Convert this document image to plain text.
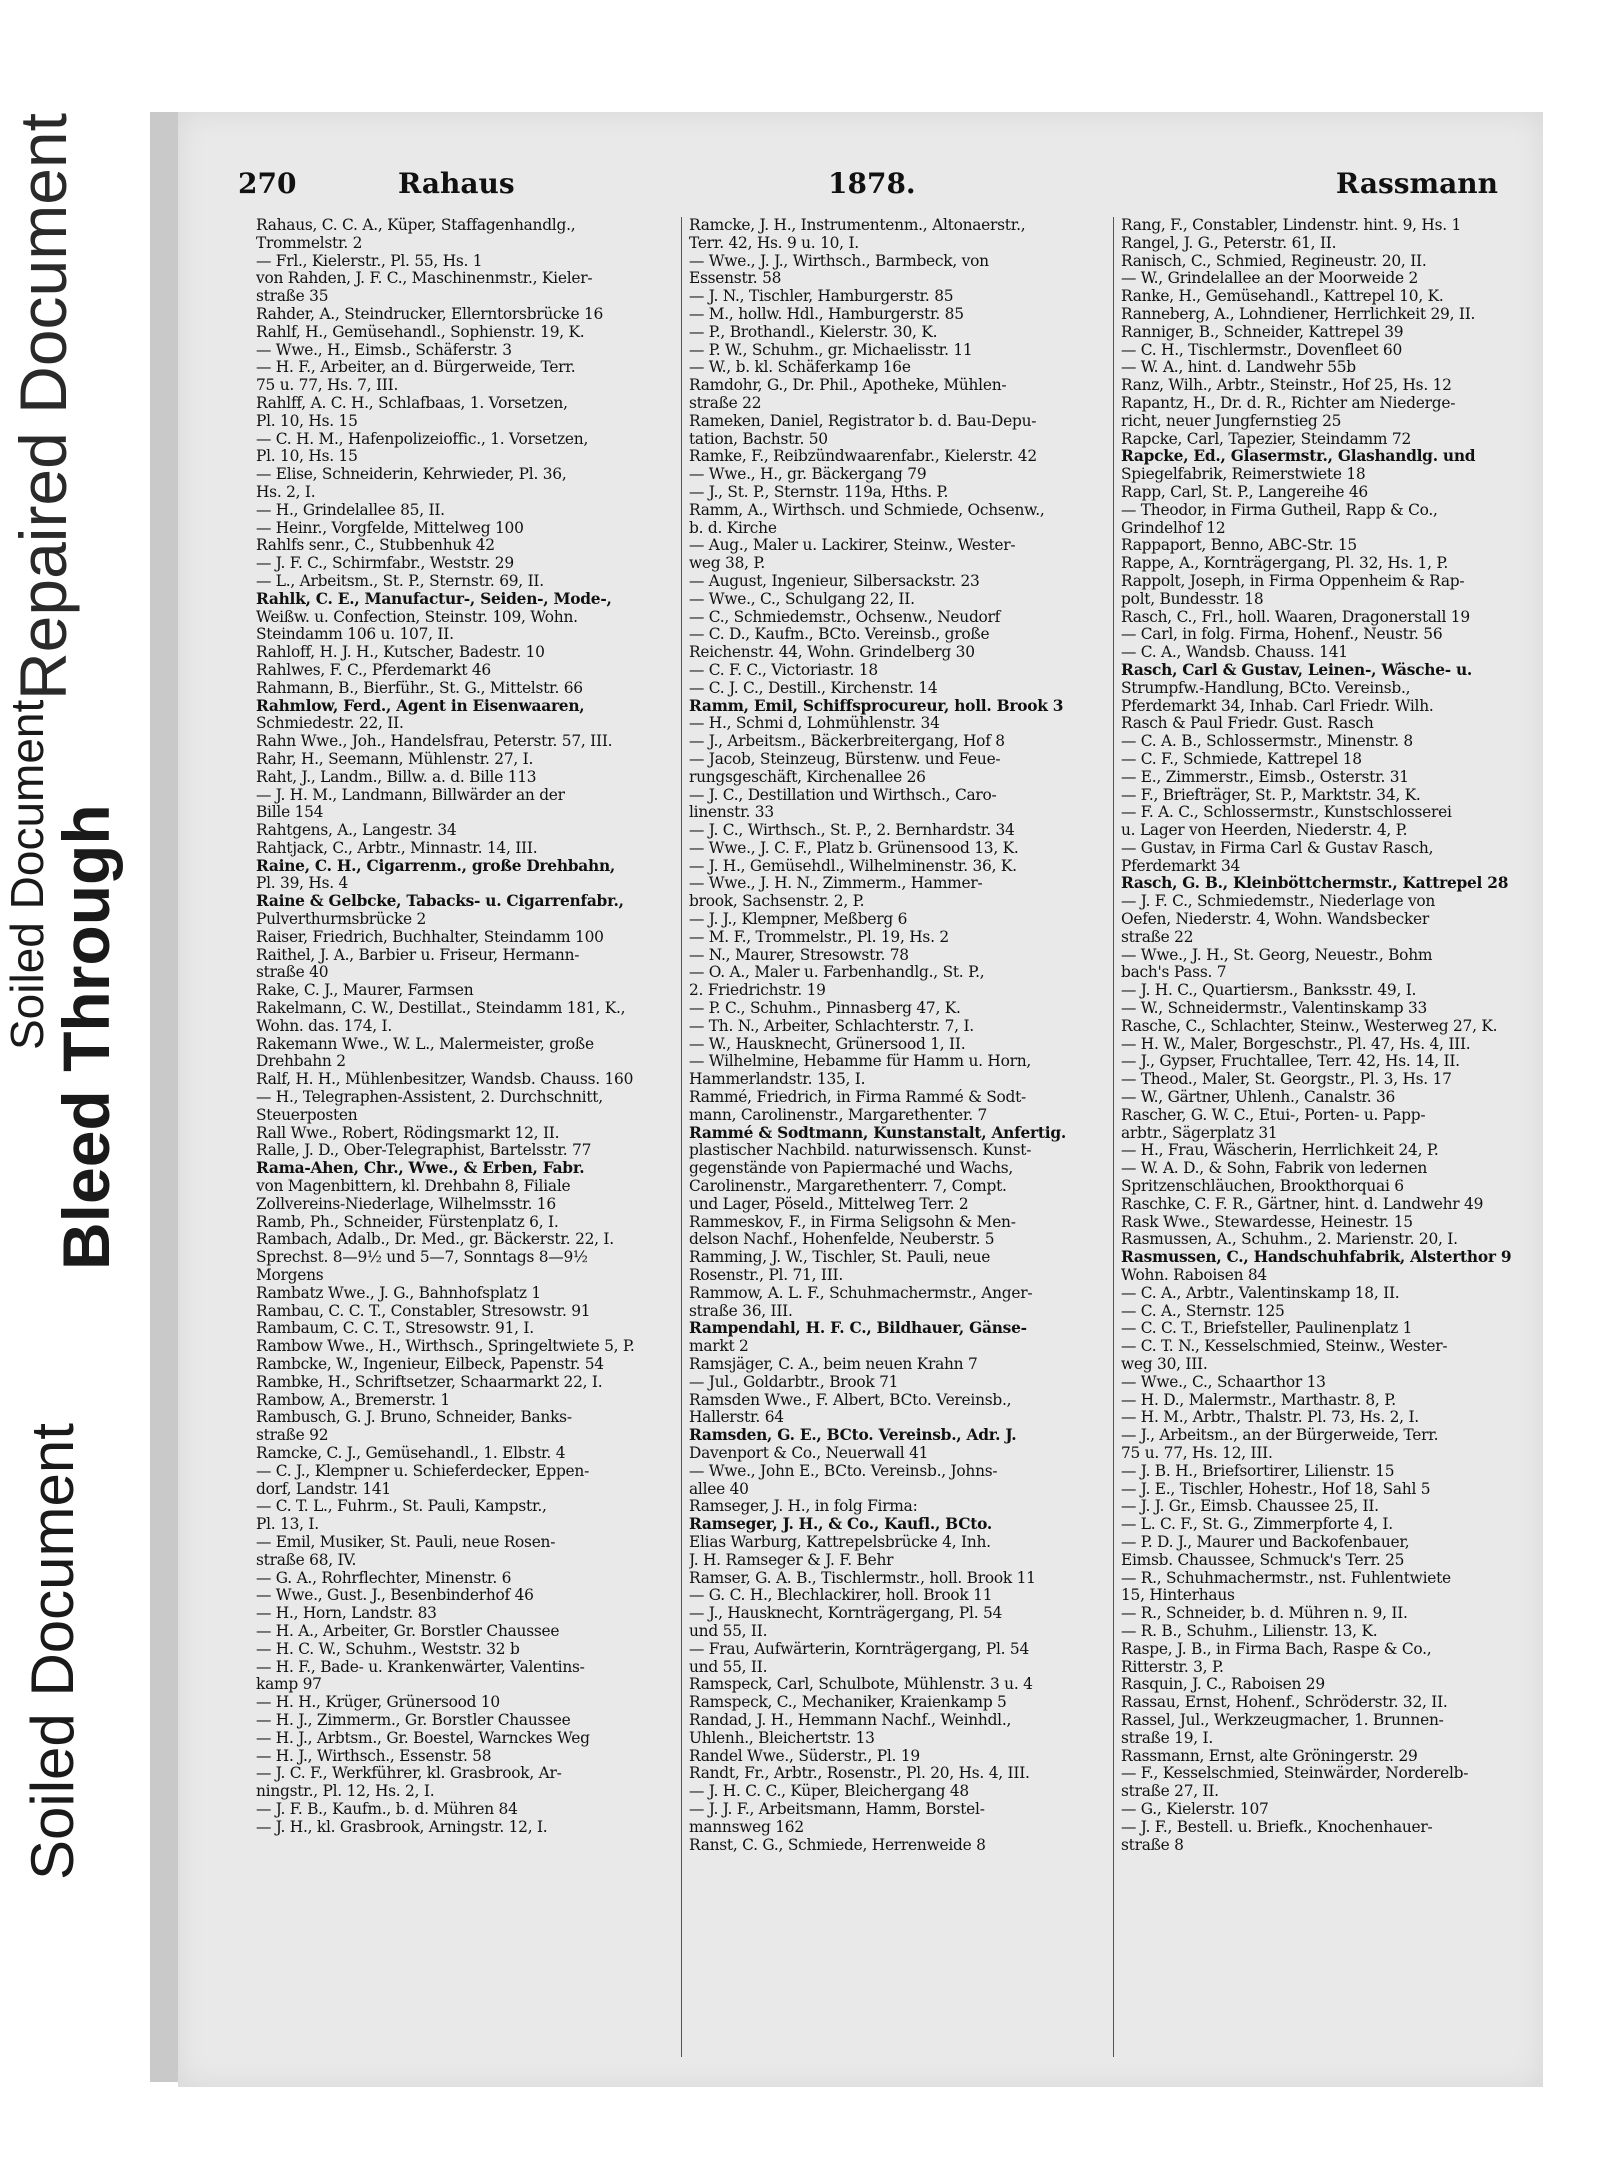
Soiled Document
Bleed Through
Soiled Document
Repaired Document	270	Rahaus	1878.	Rassmann
Rahaus, C. C. A., Küper, Staffagenhandlg.,
Trommelstr. 2
— Frl., Kielerstr., Pl. 55, Hs. 1
von Rahden, J. F. C., Maschinenmstr., Kieler-
straße 35
Rahder, A., Steindrucker, Ellerntorsbrücke 16
Rahlf, H., Gemüsehandl., Sophienstr. 19, K.
— Wwe., H., Eimsb., Schäferstr. 3
— H. F., Arbeiter, an d. Bürgerweide, Terr.
75 u. 77, Hs. 7, III.
Rahlff, A. C. H., Schlafbaas, 1. Vorsetzen,
Pl. 10, Hs. 15
— C. H. M., Hafenpolizeioffic., 1. Vorsetzen,
Pl. 10, Hs. 15
— Elise, Schneiderin, Kehrwieder, Pl. 36,
Hs. 2, I.
— H., Grindelallee 85, II.
— Heinr., Vorgfelde, Mittelweg 100
Rahlfs senr., C., Stubbenhuk 42
— J. F. C., Schirmfabr., Weststr. 29
— L., Arbeitsm., St. P., Sternstr. 69, II.
Rahlk, C. E., Manufactur-, Seiden-, Mode-,
Weißw. u. Confection, Steinstr. 109, Wohn.
Steindamm 106 u. 107, II.
Rahloff, H. J. H., Kutscher, Badestr. 10
Rahlwes, F. C., Pferdemarkt 46
Rahmann, B., Bierführ., St. G., Mittelstr. 66
Rahmlow, Ferd., Agent in Eisenwaaren,
Schmiedestr. 22, II.
Rahn Wwe., Joh., Handelsfrau, Peterstr. 57, III.
Rahr, H., Seemann, Mühlenstr. 27, I.
Raht, J., Landm., Billw. a. d. Bille 113
— J. H. M., Landmann, Billwärder an der
Bille 154
Rahtgens, A., Langestr. 34
Rahtjack, C., Arbtr., Minnastr. 14, III.
Raine, C. H., Cigarrenm., große Drehbahn,
Pl. 39, Hs. 4
Raine & Gelbcke, Tabacks- u. Cigarrenfabr.,
Pulverthurmsbrücke 2
Raiser, Friedrich, Buchhalter, Steindamm 100
Raithel, J. A., Barbier u. Friseur, Hermann-
straße 40
Rake, C. J., Maurer, Farmsen
Rakelmann, C. W., Destillat., Steindamm 181, K.,
Wohn. das. 174, I.
Rakemann Wwe., W. L., Malermeister, große
Drehbahn 2
Ralf, H. H., Mühlenbesitzer, Wandsb. Chauss. 160
— H., Telegraphen-Assistent, 2. Durchschnitt,
Steuerposten
Rall Wwe., Robert, Rödingsmarkt 12, II.
Ralle, J. D., Ober-Telegraphist, Bartelsstr. 77
Rama-Ahen, Chr., Wwe., & Erben, Fabr.
von Magenbittern, kl. Drehbahn 8, Filiale
Zollvereins-Niederlage, Wilhelmsstr. 16
Ramb, Ph., Schneider, Fürstenplatz 6, I.
Rambach, Adalb., Dr. Med., gr. Bäckerstr. 22, I.
Sprechst. 8—9½ und 5—7, Sonntags 8—9½
Morgens
Rambatz Wwe., J. G., Bahnhofsplatz 1
Rambau, C. C. T., Constabler, Stresowstr. 91
Rambaum, C. C. T., Stresowstr. 91, I.
Rambow Wwe., H., Wirthsch., Springeltwiete 5, P.
Rambcke, W., Ingenieur, Eilbeck, Papenstr. 54
Rambke, H., Schriftsetzer, Schaarmarkt 22, I.
Rambow, A., Bremerstr. 1
Rambusch, G. J. Bruno, Schneider, Banks-
straße 92
Ramcke, C. J., Gemüsehandl., 1. Elbstr. 4
— C. J., Klempner u. Schieferdecker, Eppen-
dorf, Landstr. 141
— C. T. L., Fuhrm., St. Pauli, Kampstr.,
Pl. 13, I.
— Emil, Musiker, St. Pauli, neue Rosen-
straße 68, IV.
— G. A., Rohrflechter, Minenstr. 6
— Wwe., Gust. J., Besenbinderhof 46
— H., Horn, Landstr. 83
— H. A., Arbeiter, Gr. Borstler Chaussee
— H. C. W., Schuhm., Weststr. 32 b
— H. F., Bade- u. Krankenwärter, Valentins-
kamp 97
— H. H., Krüger, Grünersood 10
— H. J., Zimmerm., Gr. Borstler Chaussee
— H. J., Arbtsm., Gr. Boestel, Warnckes Weg
— H. J., Wirthsch., Essenstr. 58
— J. C. F., Werkführer, kl. Grasbrook, Ar-
ningstr., Pl. 12, Hs. 2, I.
— J. F. B., Kaufm., b. d. Mühren 84
— J. H., kl. Grasbrook, Arningstr. 12, I.
Ramcke, J. H., Instrumentenm., Altonaerstr.,
Terr. 42, Hs. 9 u. 10, I.
— Wwe., J. J., Wirthsch., Barmbeck, von
Essenstr. 58
— J. N., Tischler, Hamburgerstr. 85
— M., hollw. Hdl., Hamburgerstr. 85
— P., Brothandl., Kielerstr. 30, K.
— P. W., Schuhm., gr. Michaelisstr. 11
— W., b. kl. Schäferkamp 16e
Ramdohr, G., Dr. Phil., Apotheke, Mühlen-
straße 22
Rameken, Daniel, Registrator b. d. Bau-Depu-
tation, Bachstr. 50
Ramke, F., Reibzündwaarenfabr., Kielerstr. 42
— Wwe., H., gr. Bäckergang 79
— J., St. P., Sternstr. 119a, Hths. P.
Ramm, A., Wirthsch. und Schmiede, Ochsenw.,
b. d. Kirche
— Aug., Maler u. Lackirer, Steinw., Wester-
weg 38, P.
— August, Ingenieur, Silbersackstr. 23
— Wwe., C., Schulgang 22, II.
— C., Schmiedemstr., Ochsenw., Neudorf
— C. D., Kaufm., BCto. Vereinsb., große
Reichenstr. 44, Wohn. Grindelberg 30
— C. F. C., Victoriastr. 18
— C. J. C., Destill., Kirchenstr. 14
Ramm, Emil, Schiffsprocureur, holl. Brook 3
— H., Schmi d, Lohmühlenstr. 34
— J., Arbeitsm., Bäckerbreitergang, Hof 8
— Jacob, Steinzeug, Bürstenw. und Feue-
rungsgeschäft, Kirchenallee 26
— J. C., Destillation und Wirthsch., Caro-
linenstr. 33
— J. C., Wirthsch., St. P., 2. Bernhardstr. 34
— Wwe., J. C. F., Platz b. Grünensood 13, K.
— J. H., Gemüsehdl., Wilhelminenstr. 36, K.
— Wwe., J. H. N., Zimmerm., Hammer-
brook, Sachsenstr. 2, P.
— J. J., Klempner, Meßberg 6
— M. F., Trommelstr., Pl. 19, Hs. 2
— N., Maurer, Stresowstr. 78
— O. A., Maler u. Farbenhandlg., St. P.,
2. Friedrichstr. 19
— P. C., Schuhm., Pinnasberg 47, K.
— Th. N., Arbeiter, Schlachterstr. 7, I.
— W., Hausknecht, Grünersood 1, II.
— Wilhelmine, Hebamme für Hamm u. Horn,
Hammerlandstr. 135, I.
Rammé, Friedrich, in Firma Rammé & Sodt-
mann, Carolinenstr., Margarethenter. 7
Rammé & Sodtmann, Kunstanstalt, Anfertig.
plastischer Nachbild. naturwissensch. Kunst-
gegenstände von Papiermaché und Wachs,
Carolinenstr., Margarethenterr. 7, Compt.
und Lager, Pöseld., Mittelweg Terr. 2
Rammeskov, F., in Firma Seligsohn & Men-
delson Nachf., Hohenfelde, Neuberstr. 5
Ramming, J. W., Tischler, St. Pauli, neue
Rosenstr., Pl. 71, III.
Rammow, A. L. F., Schuhmachermstr., Anger-
straße 36, III.
Rampendahl, H. F. C., Bildhauer, Gänse-
markt 2
Ramsjäger, C. A., beim neuen Krahn 7
— Jul., Goldarbtr., Brook 71
Ramsden Wwe., F. Albert, BCto. Vereinsb.,
Hallerstr. 64
Ramsden, G. E., BCto. Vereinsb., Adr. J.
Davenport & Co., Neuerwall 41
— Wwe., John E., BCto. Vereinsb., Johns-
allee 40
Ramseger, J. H., in folg Firma:
Ramseger, J. H., & Co., Kaufl., BCto.
Elias Warburg, Kattrepelsbrücke 4, Inh.
J. H. Ramseger & J. F. Behr
Ramser, G. A. B., Tischlermstr., holl. Brook 11
— G. C. H., Blechlackirer, holl. Brook 11
— J., Hausknecht, Kornträgergang, Pl. 54
und 55, II.
— Frau, Aufwärterin, Kornträgergang, Pl. 54
und 55, II.
Ramspeck, Carl, Schulbote, Mühlenstr. 3 u. 4
Ramspeck, C., Mechaniker, Kraienkamp 5
Randad, J. H., Hemmann Nachf., Weinhdl.,
Uhlenh., Bleichertstr. 13
Randel Wwe., Süderstr., Pl. 19
Randt, Fr., Arbtr., Rosenstr., Pl. 20, Hs. 4, III.
— J. H. C. C., Küper, Bleichergang 48
— J. J. F., Arbeitsmann, Hamm, Borstel-
mannsweg 162
Ranst, C. G., Schmiede, Herrenweide 8
Rang, F., Constabler, Lindenstr. hint. 9, Hs. 1
Rangel, J. G., Peterstr. 61, II.
Ranisch, C., Schmied, Regineustr. 20, II.
— W., Grindelallee an der Moorweide 2
Ranke, H., Gemüsehandl., Kattrepel 10, K.
Ranneberg, A., Lohndiener, Herrlichkeit 29, II.
Ranniger, B., Schneider, Kattrepel 39
— C. H., Tischlermstr., Dovenfleet 60
— W. A., hint. d. Landwehr 55b
Ranz, Wilh., Arbtr., Steinstr., Hof 25, Hs. 12
Rapantz, H., Dr. d. R., Richter am Niederge-
richt, neuer Jungfernstieg 25
Rapcke, Carl, Tapezier, Steindamm 72
Rapcke, Ed., Glasermstr., Glashandlg. und
Spiegelfabrik, Reimerstwiete 18
Rapp, Carl, St. P., Langereihe 46
— Theodor, in Firma Gutheil, Rapp & Co.,
Grindelhof 12
Rappaport, Benno, ABC-Str. 15
Rappe, A., Kornträgergang, Pl. 32, Hs. 1, P.
Rappolt, Joseph, in Firma Oppenheim & Rap-
polt, Bundesstr. 18
Rasch, C., Frl., holl. Waaren, Dragonerstall 19
— Carl, in folg. Firma, Hohenf., Neustr. 56
— C. A., Wandsb. Chauss. 141
Rasch, Carl & Gustav, Leinen-, Wäsche- u.
Strumpfw.-Handlung, BCto. Vereinsb.,
Pferdemarkt 34, Inhab. Carl Friedr. Wilh.
Rasch & Paul Friedr. Gust. Rasch
— C. A. B., Schlossermstr., Minenstr. 8
— C. F., Schmiede, Kattrepel 18
— E., Zimmerstr., Eimsb., Osterstr. 31
— F., Briefträger, St. P., Marktstr. 34, K.
— F. A. C., Schlossermstr., Kunstschlosserei
u. Lager von Heerden, Niederstr. 4, P.
— Gustav, in Firma Carl & Gustav Rasch,
Pferdemarkt 34
Rasch, G. B., Kleinböttchermstr., Kattrepel 28
— J. F. C., Schmiedemstr., Niederlage von
Oefen, Niederstr. 4, Wohn. Wandsbecker
straße 22
— Wwe., J. H., St. Georg, Neuestr., Bohm
bach's Pass. 7
— J. H. C., Quartiersm., Banksstr. 49, I.
— W., Schneidermstr., Valentinskamp 33
Rasche, C., Schlachter, Steinw., Westerweg 27, K.
— H. W., Maler, Borgeschstr., Pl. 47, Hs. 4, III.
— J., Gypser, Fruchtallee, Terr. 42, Hs. 14, II.
— Theod., Maler, St. Georgstr., Pl. 3, Hs. 17
— W., Gärtner, Uhlenh., Canalstr. 36
Rascher, G. W. C., Etui-, Porten- u. Papp-
arbtr., Sägerplatz 31
— H., Frau, Wäscherin, Herrlichkeit 24, P.
— W. A. D., & Sohn, Fabrik von ledernen
Spritzenschläuchen, Brookthorquai 6
Raschke, C. F. R., Gärtner, hint. d. Landwehr 49
Rask Wwe., Stewardesse, Heinestr. 15
Rasmussen, A., Schuhm., 2. Marienstr. 20, I.
Rasmussen, C., Handschuhfabrik, Alsterthor 9
Wohn. Raboisen 84
— C. A., Arbtr., Valentinskamp 18, II.
— C. A., Sternstr. 125
— C. C. T., Briefsteller, Paulinenplatz 1
— C. T. N., Kesselschmied, Steinw., Wester-
weg 30, III.
— Wwe., C., Schaarthor 13
— H. D., Malermstr., Marthastr. 8, P.
— H. M., Arbtr., Thalstr. Pl. 73, Hs. 2, I.
— J., Arbeitsm., an der Bürgerweide, Terr.
75 u. 77, Hs. 12, III.
— J. B. H., Briefsortirer, Lilienstr. 15
— J. E., Tischler, Hohestr., Hof 18, Sahl 5
— J. J. Gr., Eimsb. Chaussee 25, II.
— L. C. F., St. G., Zimmerpforte 4, I.
— P. D. J., Maurer und Backofenbauer,
Eimsb. Chaussee, Schmuck's Terr. 25
— R., Schuhmachermstr., nst. Fuhlentwiete
15, Hinterhaus
— R., Schneider, b. d. Mühren n. 9, II.
— R. B., Schuhm., Lilienstr. 13, K.
Raspe, J. B., in Firma Bach, Raspe & Co.,
Ritterstr. 3, P.
Rasquin, J. C., Raboisen 29
Rassau, Ernst, Hohenf., Schröderstr. 32, II.
Rassel, Jul., Werkzeugmacher, 1. Brunnen-
straße 19, I.
Rassmann, Ernst, alte Gröningerstr. 29
— F., Kesselschmied, Steinwärder, Norderelb-
straße 27, II.
— G., Kielerstr. 107
— J. F., Bestell. u. Briefk., Knochenhauer-
straße 8
